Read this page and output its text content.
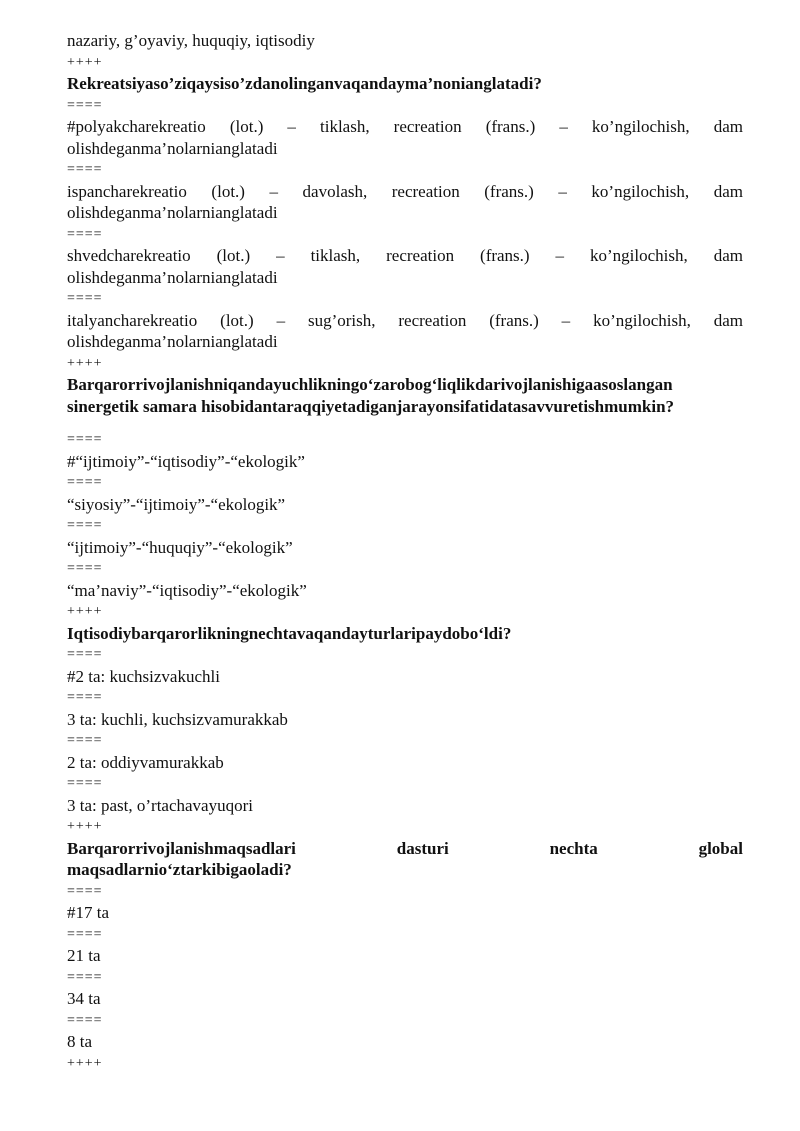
nazariy, g’oyaviy, huquqiy, iqtisodiy
++++
Rekreatsiyaso’ziqaysiso’zdanolinganvaqandayma’nonianglatadi?
====
#polyakcharekreatio (lot.) – tiklash, recreation (frans.) – ko’ngilochish, dam
olishdeganma’nolarnianglatadi
====
ispancharekreatio (lot.) – davolash, recreation (frans.) – ko’ngilochish, dam
olishdeganma’nolarnianglatadi
====
shvedcharekreatio (lot.) – tiklash, recreation (frans.) – ko’ngilochish, dam
olishdeganma’nolarnianglatadi
====
italyancharekreatio (lot.) – sug’orish, recreation (frans.) – ko’ngilochish, dam
olishdeganma’nolarnianglatadi
++++
Barqarorrivojlanishniqandayuchlikningo‘zarobog‘liqlikdarivojlanishigaasoslangan
sinergetik samara hisobidantaraqqiyetadiganjarayonsifatidatasavvuretishmumkin?
====
#“ijtimoiy”-“iqtisodiy”-“ekologik”
====
“siyosiy”-“ijtimoiy”-“ekologik”
====
“ijtimoiy”-“huquqiy”-“ekologik”
====
“ma’naviy”-“iqtisodiy”-“ekologik”
++++
Iqtisodiybarqarorlikningnechtavaqandayturlaripaydobo‘ldi?
====
#2 ta: kuchsizvakuchli
====
3 ta: kuchli, kuchsizvamurakkab
====
2 ta: oddiyvamurakkab
====
3 ta: past, o’rtachavayuqori
++++
Barqarorrivojlanishmaqsadlari dasturi nechta global
maqsadlarnio‘ztarkibigaoladi?
====
#17 ta
====
21 ta
====
34 ta
====
8 ta
++++
